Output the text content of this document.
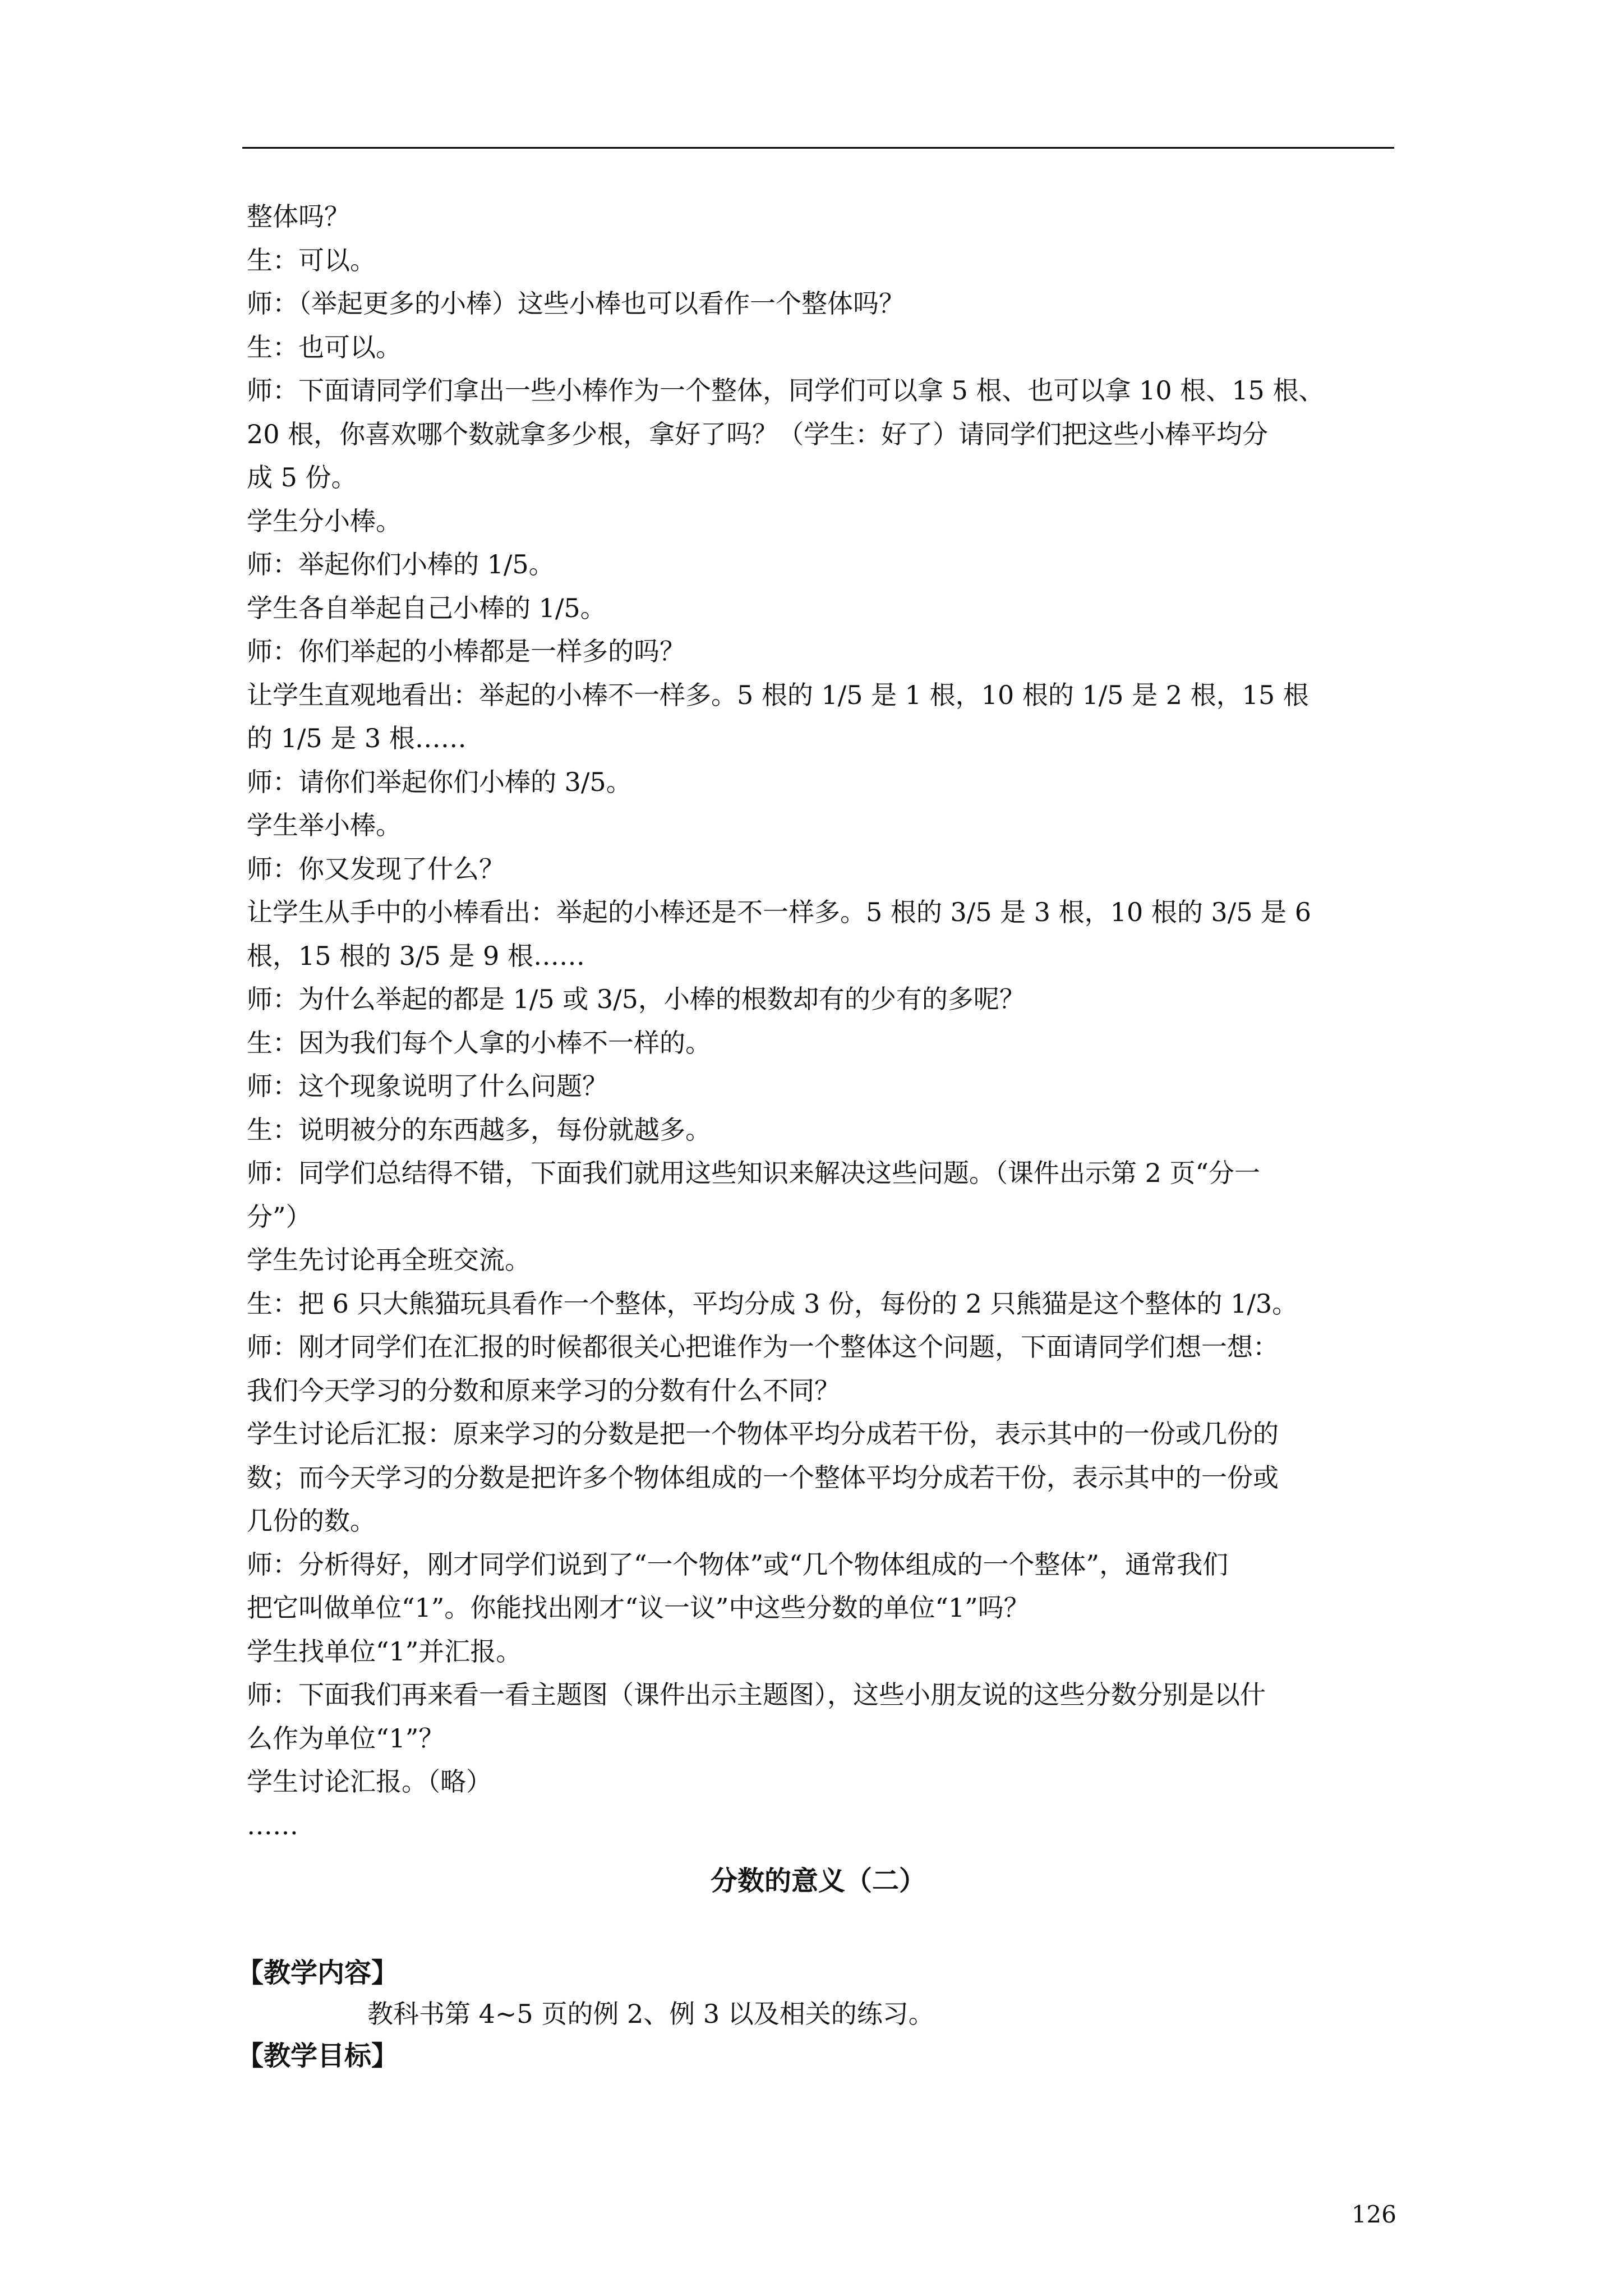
整体吗？
生：可以。
师：（举起更多的小棒）这些小棒也可以看作一个整体吗？
生：也可以。
师：下面请同学们拿出一些小棒作为一个整体，同学们可以拿 5 根、也可以拿 10 根、15 根、
20 根，你喜欢哪个数就拿多少根，拿好了吗？（学生：好了）请同学们把这些小棒平均分
成 5 份。
学生分小棒。
师：举起你们小棒的 1/5。
学生各自举起自己小棒的 1/5。
师：你们举起的小棒都是一样多的吗？
让学生直观地看出：举起的小棒不一样多。5 根的 1/5 是 1 根，10 根的 1/5 是 2 根，15 根
的 1/5 是 3 根……
师：请你们举起你们小棒的 3/5。
学生举小棒。
师：你又发现了什么？
让学生从手中的小棒看出：举起的小棒还是不一样多。5 根的 3/5 是 3 根，10 根的 3/5 是 6
根，15 根的 3/5 是 9 根……
师：为什么举起的都是 1/5 或 3/5，小棒的根数却有的少有的多呢？
生：因为我们每个人拿的小棒不一样的。
师：这个现象说明了什么问题？
生：说明被分的东西越多，每份就越多。
师：同学们总结得不错，下面我们就用这些知识来解决这些问题。（课件出示第 2 页“分一
分”）
学生先讨论再全班交流。
生：把 6 只大熊猫玩具看作一个整体，平均分成 3 份，每份的 2 只熊猫是这个整体的 1/3。
师：刚才同学们在汇报的时候都很关心把谁作为一个整体这个问题，下面请同学们想一想：
我们今天学习的分数和原来学习的分数有什么不同？
学生讨论后汇报：原来学习的分数是把一个物体平均分成若干份，表示其中的一份或几份的
数；而今天学习的分数是把许多个物体组成的一个整体平均分成若干份，表示其中的一份或
几份的数。
师：分析得好，刚才同学们说到了“一个物体”或“几个物体组成的一个整体”，通常我们
把它叫做单位“1”。你能找出刚才“议一议”中这些分数的单位“1”吗？
学生找单位“1”并汇报。
师：下面我们再来看一看主题图（课件出示主题图），这些小朋友说的这些分数分别是以什
么作为单位“1”？
学生讨论汇报。（略）
……
分数的意义（二）
【教学内容】
教科书第 4~5 页的例 2、例 3 以及相关的练习。
【教学目标】
126
